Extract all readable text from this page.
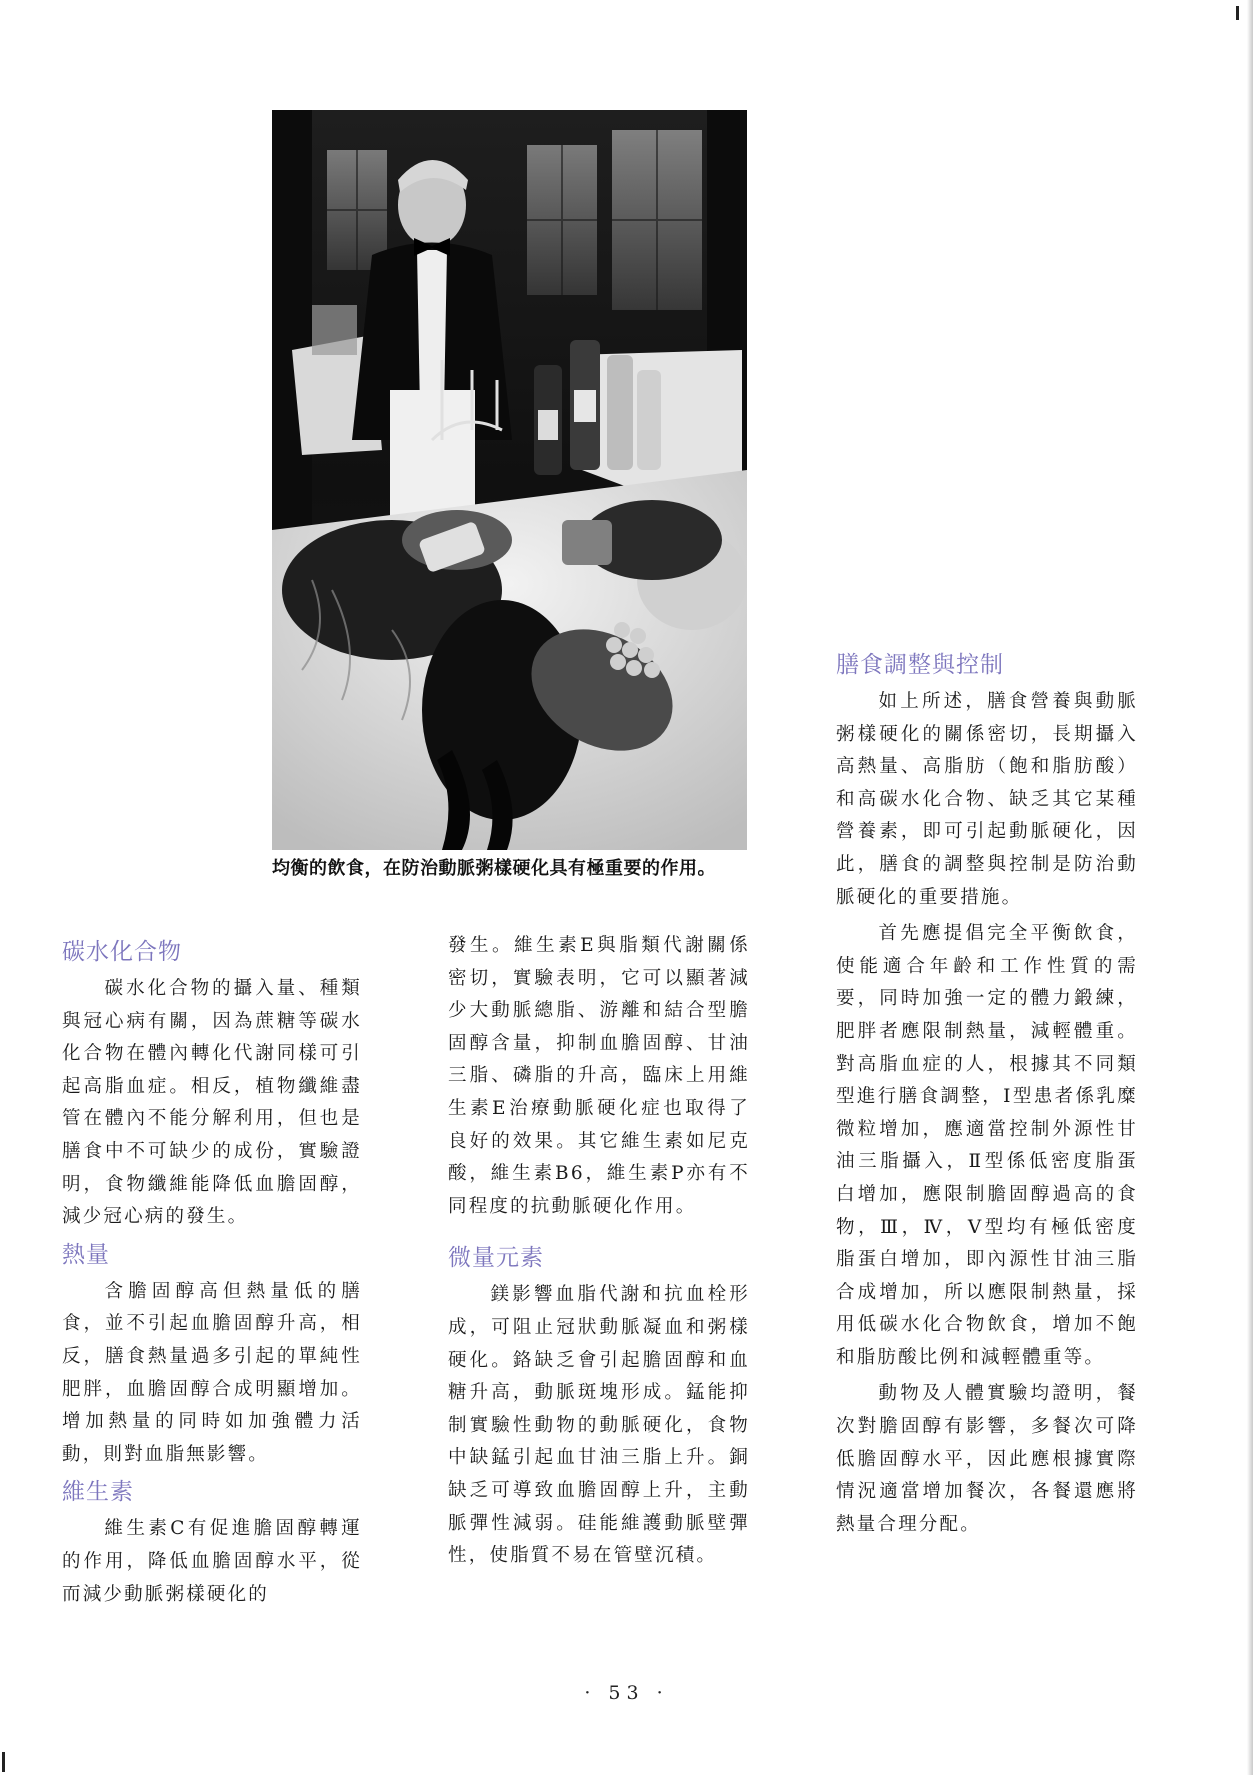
均衡的飲食，在防治動脈粥樣硬化具有極重要的作用。
碳水化合物

碳水化合物的攝入量、種類與冠心病有關，因為蔗糖等碳水化合物在體內轉化代謝同樣可引起高脂血症。相反，植物纖維盡管在體內不能分解利用，但也是膳食中不可缺少的成份，實驗證明，食物纖維能降低血膽固醇，減少冠心病的發生。

熱量

含膽固醇高但熱量低的膳食，並不引起血膽固醇升高，相反，膳食熱量過多引起的單純性肥胖，血膽固醇合成明顯增加。增加熱量的同時如加強體力活動，則對血脂無影響。

維生素

維生素C有促進膽固醇轉運的作用，降低血膽固醇水平，從而減少動脈粥樣硬化的

發生。維生素E與脂類代謝關係密切，實驗表明，它可以顯著減少大動脈總脂、游離和結合型膽固醇含量，抑制血膽固醇、甘油三脂、磷脂的升高，臨床上用維生素E治療動脈硬化症也取得了良好的效果。其它維生素如尼克酸，維生素B6，維生素P亦有不同程度的抗動脈硬化作用。

微量元素

鎂影響血脂代謝和抗血栓形成，可阻止冠狀動脈凝血和粥樣硬化。鉻缺乏會引起膽固醇和血糖升高，動脈斑塊形成。錳能抑制實驗性動物的動脈硬化，食物中缺錳引起血甘油三脂上升。銅缺乏可導致血膽固醇上升，主動脈彈性減弱。硅能維護動脈壁彈性，使脂質不易在管壁沉積。

膳食調整與控制

如上所述，膳食營養與動脈粥樣硬化的關係密切，長期攝入高熱量、高脂肪（飽和脂肪酸）和高碳水化合物、缺乏其它某種營養素，即可引起動脈硬化，因此，膳食的調整與控制是防治動脈硬化的重要措施。

首先應提倡完全平衡飲食，使能適合年齡和工作性質的需要，同時加強一定的體力鍛練，肥胖者應限制熱量，減輕體重。對高脂血症的人，根據其不同類型進行膳食調整，Ⅰ型患者係乳糜微粒增加，應適當控制外源性甘油三脂攝入，Ⅱ型係低密度脂蛋白增加，應限制膽固醇過高的食物，Ⅲ，Ⅳ，Ⅴ型均有極低密度脂蛋白增加，即內源性甘油三脂合成增加，所以應限制熱量，採用低碳水化合物飲食，增加不飽和脂肪酸比例和減輕體重等。

動物及人體實驗均證明，餐次對膽固醇有影響，多餐次可降低膽固醇水平，因此應根據實際情況適當增加餐次，各餐還應將熱量合理分配。

· 53 ·
